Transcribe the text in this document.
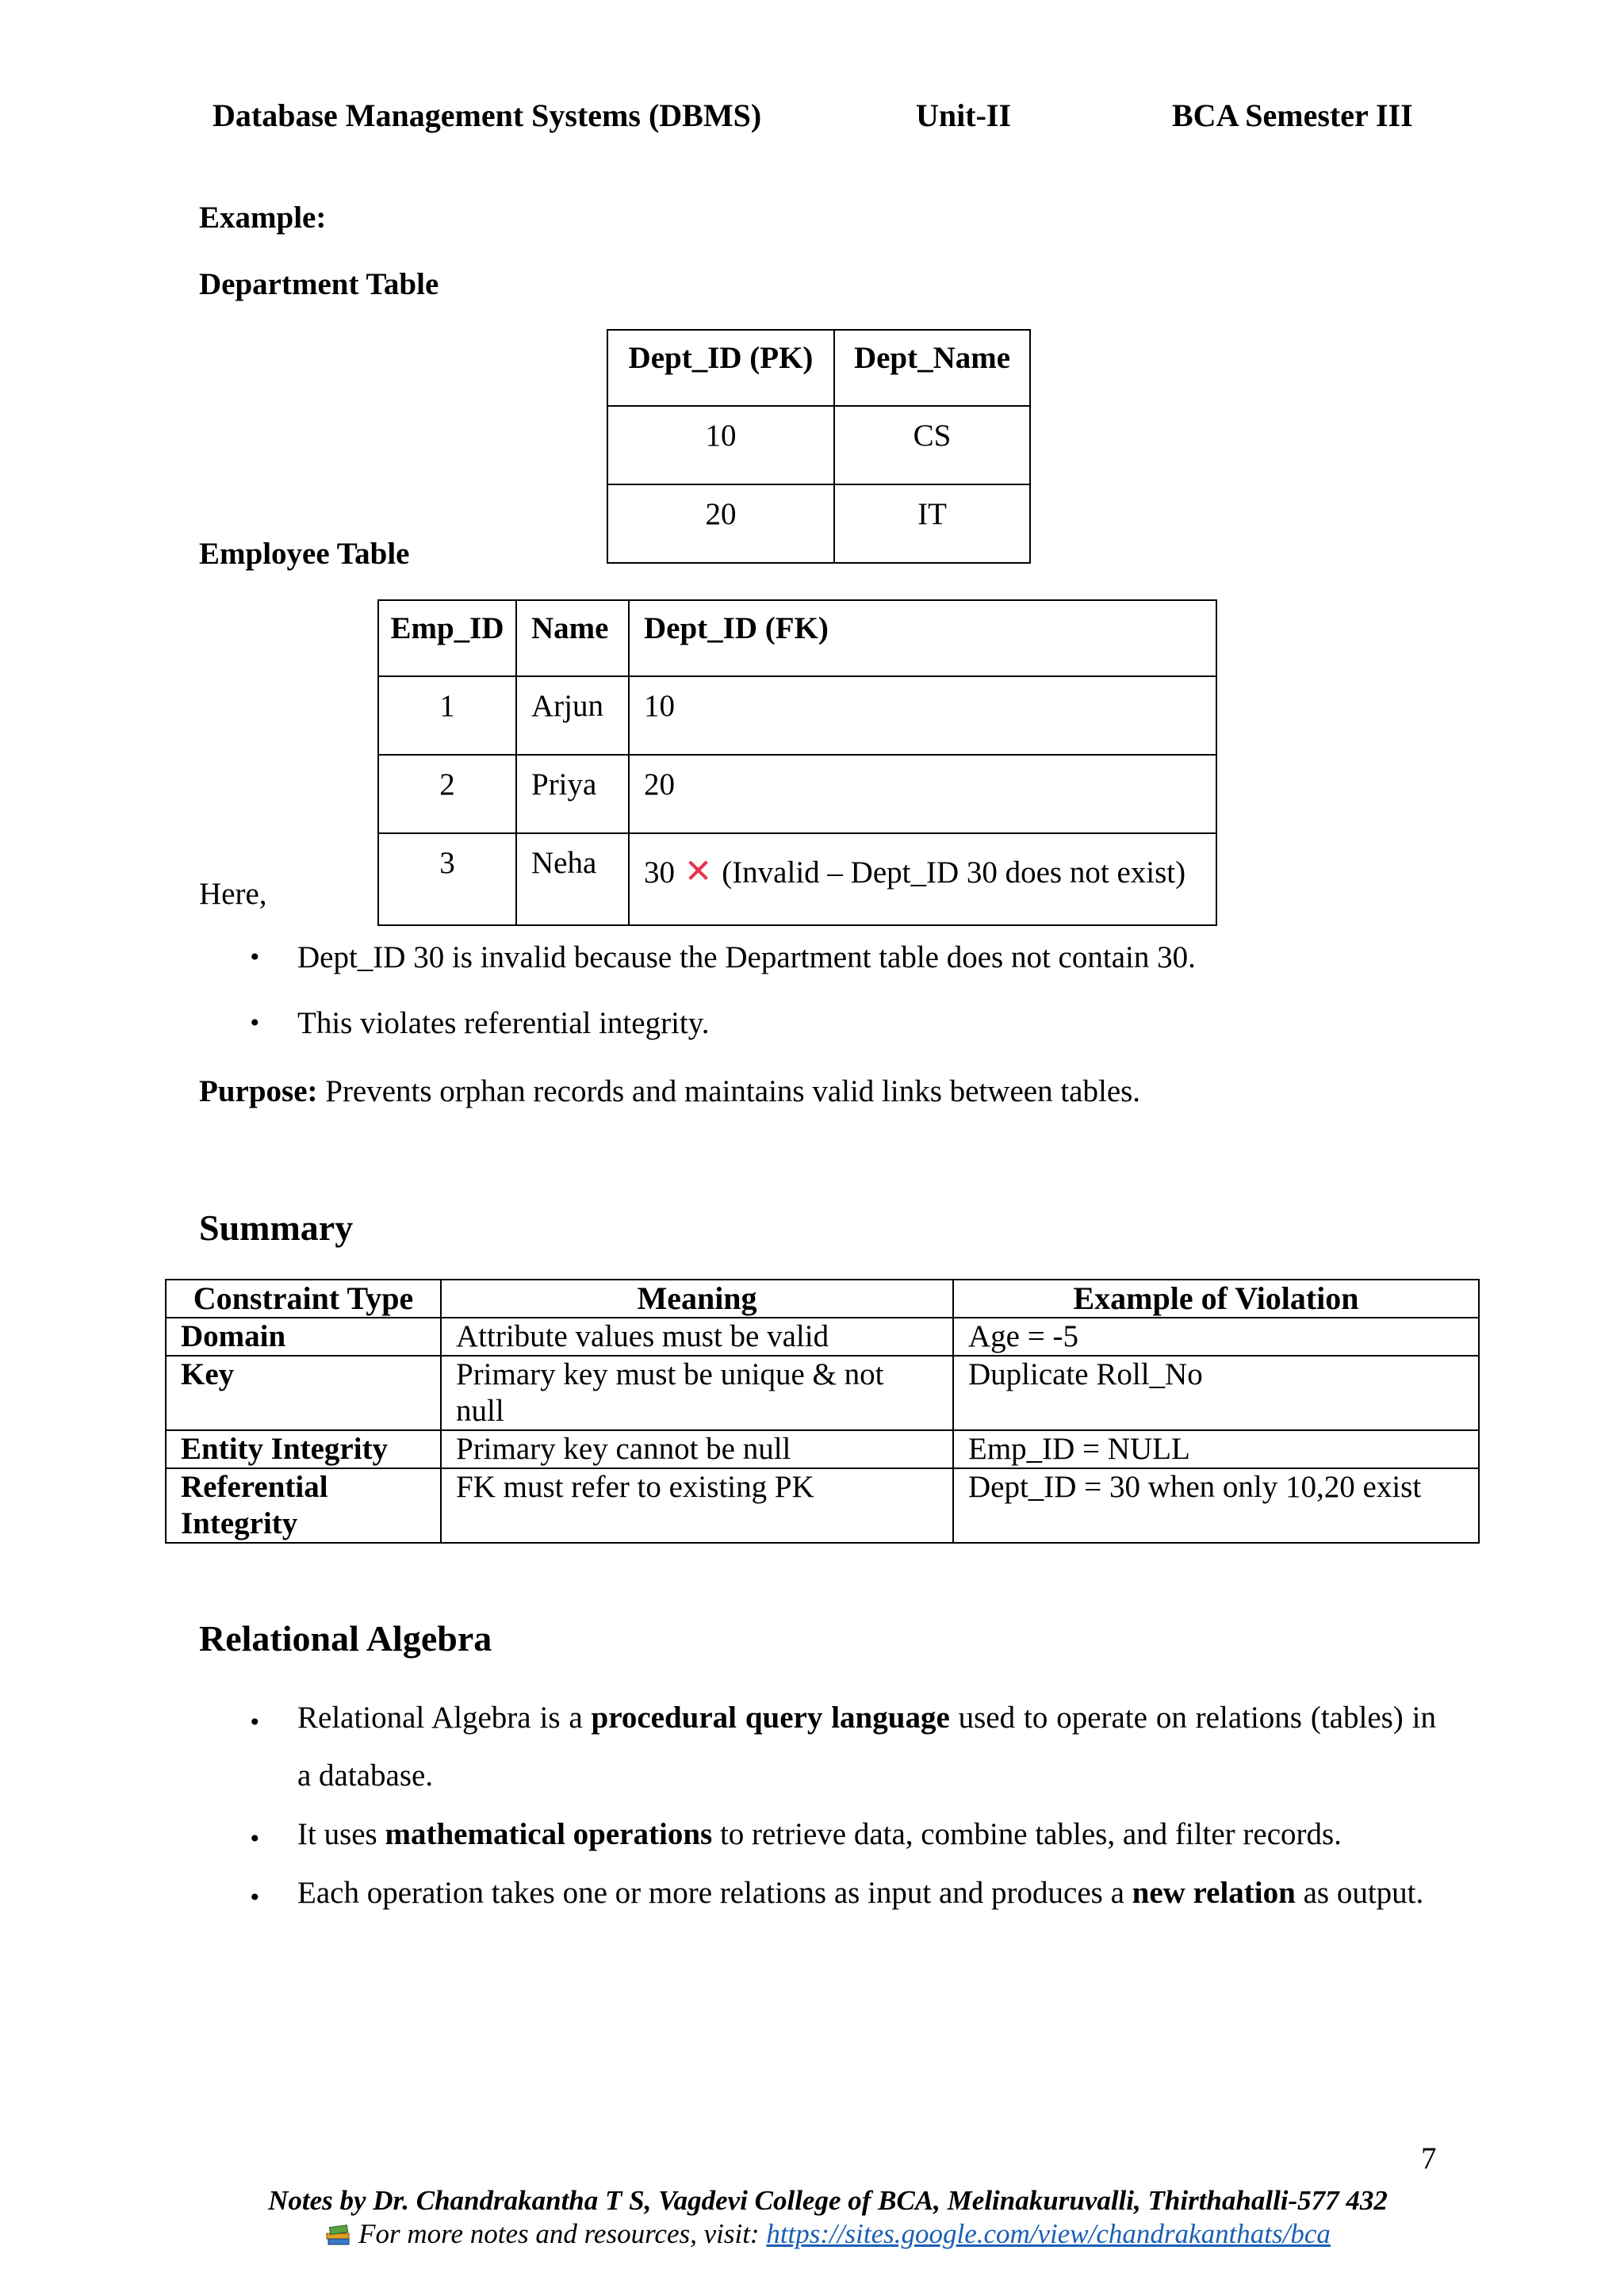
Database Management Systems (DBMS)	Unit-II	BCA Semester III
Example:
Department Table
Dept_ID (PK)	Dept_Name
10	CS
20	IT
Employee Table
Emp_ID	Name	Dept_ID (FK)
1	Arjun	10
2	Priya	20
3	Neha	30 ✕ (Invalid – Dept_ID 30 does not exist)
Here,
• Dept_ID 30 is invalid because the Department table does not contain 30.
• This violates referential integrity.
Purpose: Prevents orphan records and maintains valid links between tables.
Summary
Constraint Type	Meaning	Example of Violation
Domain	Attribute values must be valid	Age = -5
Key	Primary key must be unique & not null	Duplicate Roll_No
Entity Integrity	Primary key cannot be null	Emp_ID = NULL
Referential Integrity	FK must refer to existing PK	Dept_ID = 30 when only 10,20 exist
Relational Algebra
• Relational Algebra is a procedural query language used to operate on relations (tables) in a database.
• It uses mathematical operations to retrieve data, combine tables, and filter records.
• Each operation takes one or more relations as input and produces a new relation as output.
7
Notes by Dr. Chandrakantha T S, Vagdevi College of BCA, Melinakuruvalli, Thirthahalli-577 432
For more notes and resources, visit: https://sites.google.com/view/chandrakanthats/bca
